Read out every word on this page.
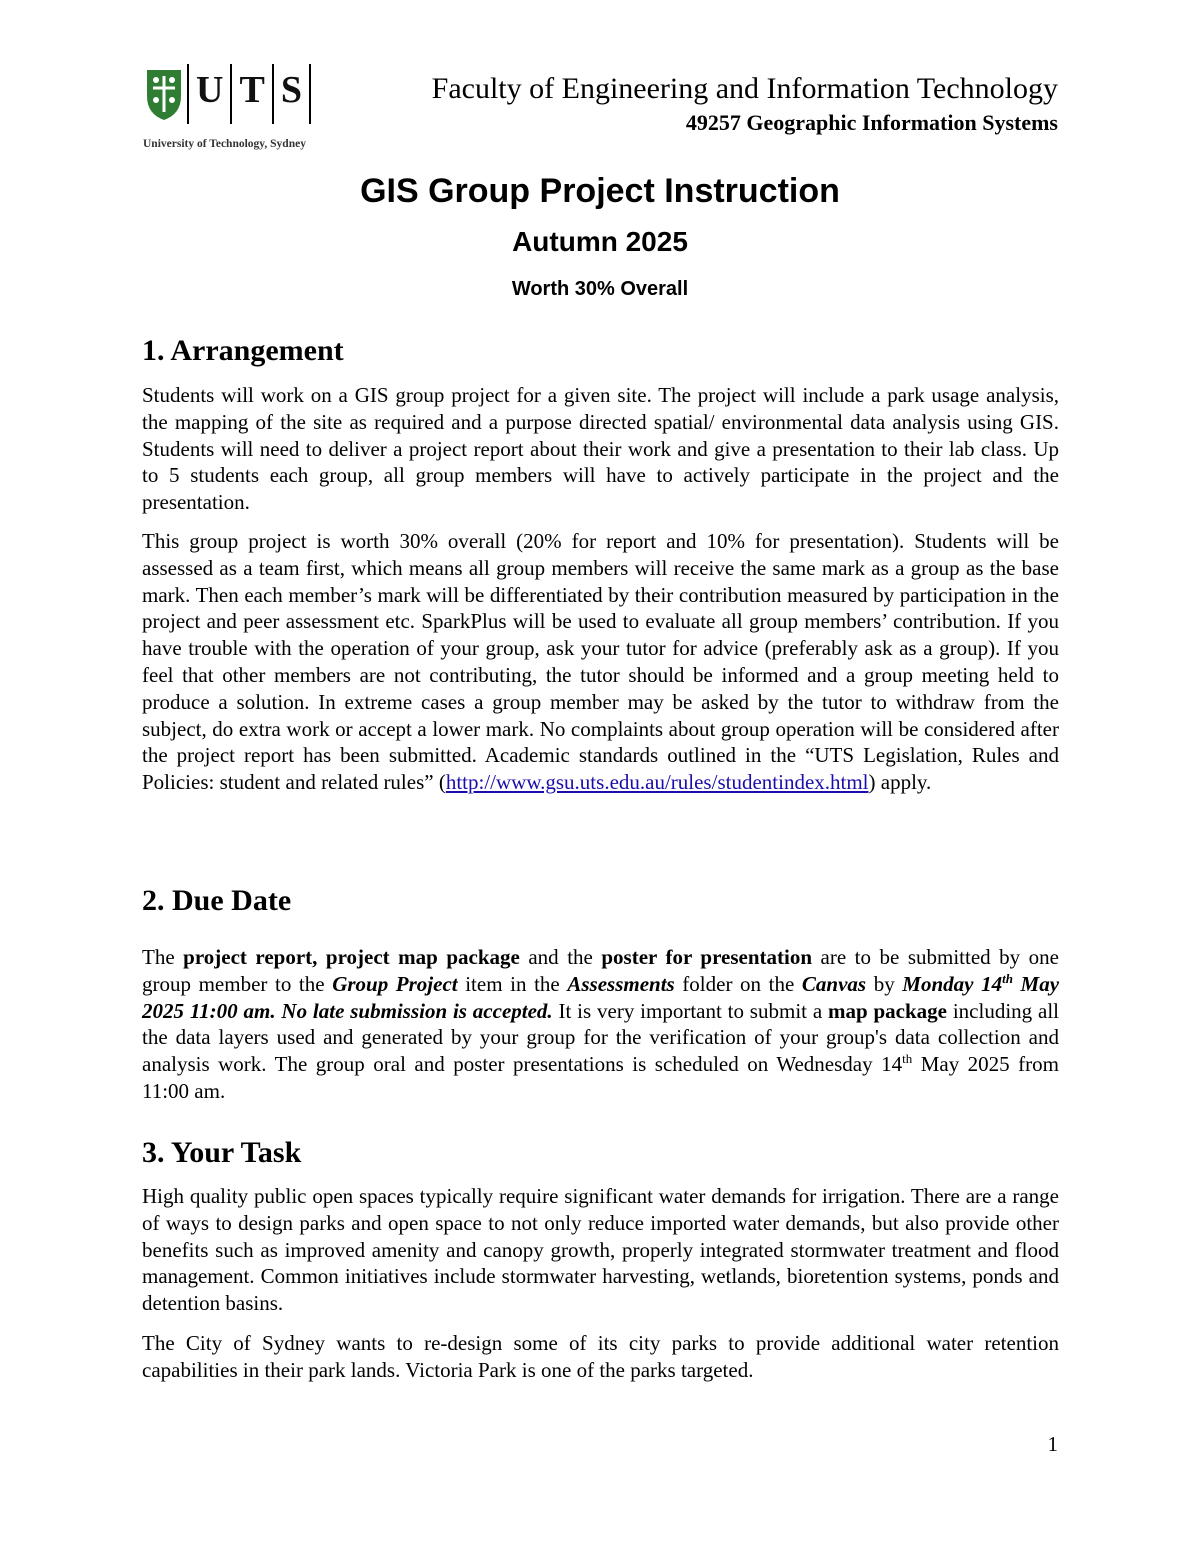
U T S
University of Technology, Sydney
Faculty of Engineering and Information Technology
49257 Geographic Information Systems
GIS Group Project Instruction
Autumn 2025
Worth 30% Overall
1. Arrangement
Students will work on a GIS group project for a given site. The project will include a park usage analysis, the mapping of the site as required and a purpose directed spatial/ environmental data analysis using GIS. Students will need to deliver a project report about their work and give a presentation to their lab class. Up to 5 students each group, all group members will have to actively participate in the project and the presentation.
This group project is worth 30% overall (20% for report and 10% for presentation). Students will be assessed as a team first, which means all group members will receive the same mark as a group as the base mark. Then each member’s mark will be differentiated by their contribution measured by participation in the project and peer assessment etc. SparkPlus will be used to evaluate all group members’ contribution. If you have trouble with the operation of your group, ask your tutor for advice (preferably ask as a group). If you feel that other members are not contributing, the tutor should be informed and a group meeting held to produce a solution. In extreme cases a group member may be asked by the tutor to withdraw from the subject, do extra work or accept a lower mark. No complaints about group operation will be considered after the project report has been submitted. Academic standards outlined in the “UTS Legislation, Rules and Policies: student and related rules” (http://www.gsu.uts.edu.au/rules/studentindex.html) apply.
2. Due Date
The project report, project map package and the poster for presentation are to be submitted by one group member to the Group Project item in the Assessments folder on the Canvas by Monday 14th May 2025 11:00 am. No late submission is accepted. It is very important to submit a map package including all the data layers used and generated by your group for the verification of your group's data collection and analysis work. The group oral and poster presentations is scheduled on Wednesday 14th May 2025 from 11:00 am.
3. Your Task
High quality public open spaces typically require significant water demands for irrigation. There are a range of ways to design parks and open space to not only reduce imported water demands, but also provide other benefits such as improved amenity and canopy growth, properly integrated stormwater treatment and flood management. Common initiatives include stormwater harvesting, wetlands, bioretention systems, ponds and detention basins.
The City of Sydney wants to re-design some of its city parks to provide additional water retention capabilities in their park lands. Victoria Park is one of the parks targeted.
1
